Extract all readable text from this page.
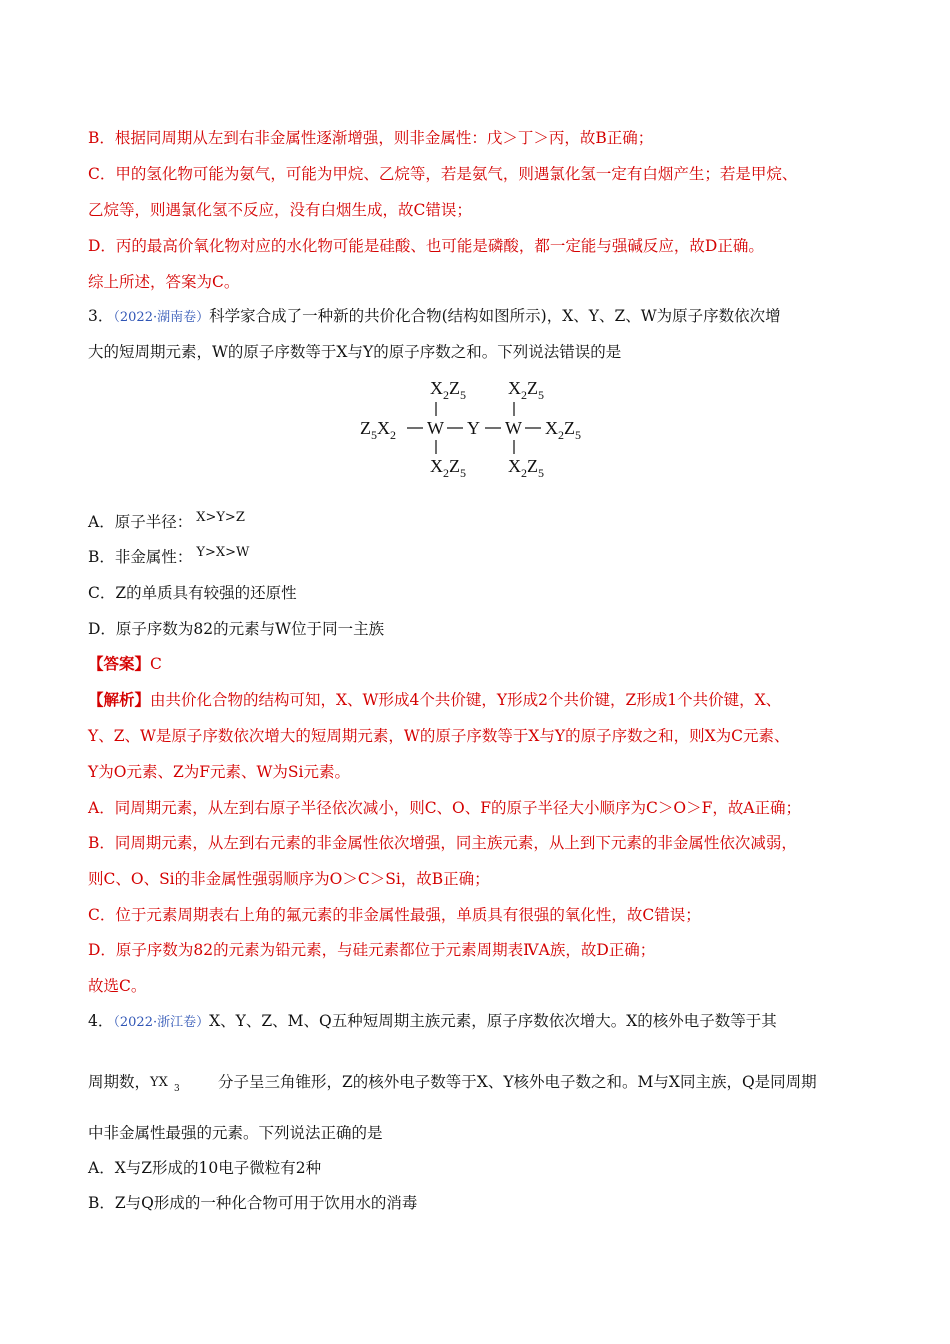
B．根据同周期从左到右非金属性逐渐增强，则非金属性：戊＞丁＞丙，故B正确；
C．甲的氢化物可能为氨气，可能为甲烷、乙烷等，若是氨气，则遇氯化氢一定有白烟产生；若是甲烷、
乙烷等，则遇氯化氢不反应，没有白烟生成，故C错误；
D．丙的最高价氧化物对应的水化物可能是硅酸、也可能是磷酸，都一定能与强碱反应，故D正确。
综上所述，答案为C。
3．（2022·湖南卷）科学家合成了一种新的共价化合物(结构如图所示)，X、Y、Z、W为原子序数依次增
大的短周期元素，W的原子序数等于X与Y的原子序数之和。下列说法错误的是
$X_2Z_5$ $X_2Z_5$
$Z_5X_2$ W Y W $X_2Z_5$
$X_2Z_5$ $X_2Z_5$
A．原子半径： $^{X>Y>Z}$
B．非金属性： $^{Y>X>W}$
C．Z的单质具有较强的还原性
D．原子序数为82的元素与W位于同一主族
【答案】C
【解析】由共价化合物的结构可知，X、W形成4个共价键，Y形成2个共价键，Z形成1个共价键，X、
Y、Z、W是原子序数依次增大的短周期元素，W的原子序数等于X与Y的原子序数之和，则X为C元素、
Y为O元素、Z为F元素、W为Si元素。
A．同周期元素，从左到右原子半径依次减小，则C、O、F的原子半径大小顺序为C＞O＞F，故A正确；
B．同周期元素，从左到右元素的非金属性依次增强，同主族元素，从上到下元素的非金属性依次减弱，
则C、O、Si的非金属性强弱顺序为O＞C＞Si，故B正确；
C．位于元素周期表右上角的氟元素的非金属性最强，单质具有很强的氧化性，故C错误；
D．原子序数为82的元素为铅元素，与硅元素都位于元素周期表ⅣA族，故D正确；
故选C。
4．（2022·浙江卷）X、Y、Z、M、Q五种短周期主族元素，原子序数依次增大。X的核外电子数等于其
周期数， YX 3 分子呈三角锥形，Z的核外电子数等于X、Y核外电子数之和。M与X同主族，Q是同周期
中非金属性最强的元素。下列说法正确的是
A．X与Z形成的10电子微粒有2种
B．Z与Q形成的一种化合物可用于饮用水的消毒
